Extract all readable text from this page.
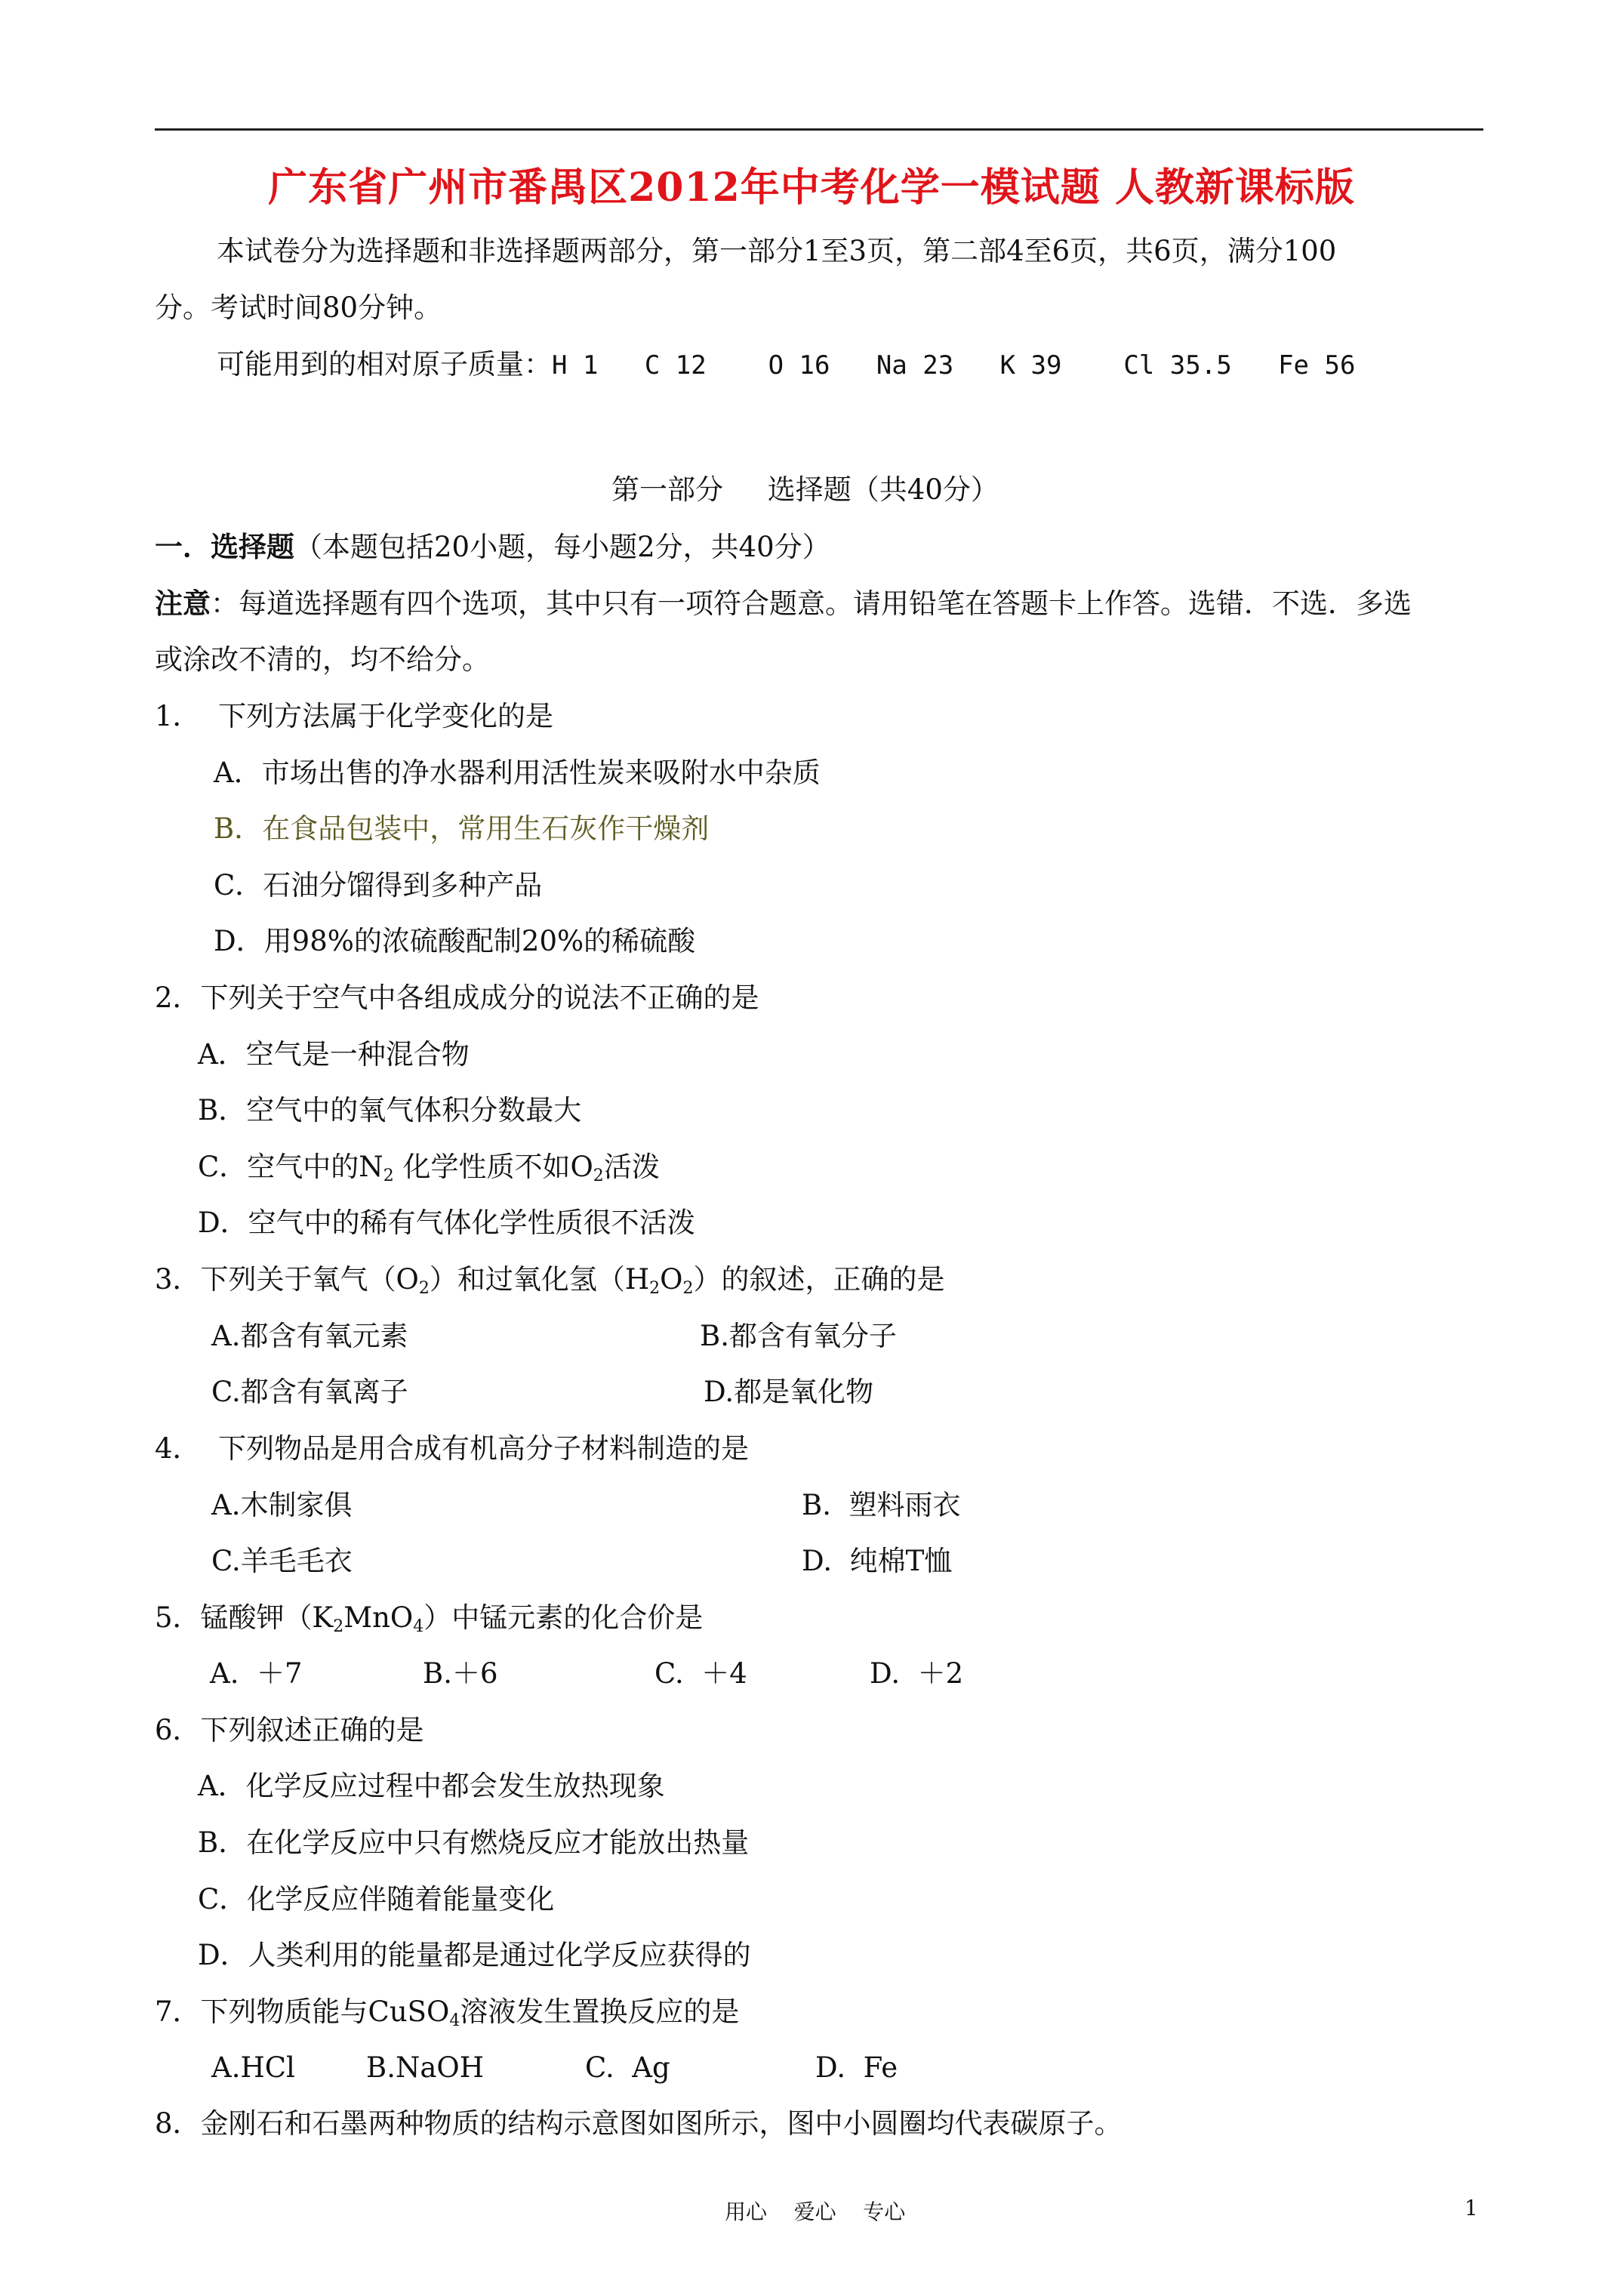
广东省广州市番禺区2012年中考化学一模试题 人教新课标版
本试卷分为选择题和非选择题两部分，第一部分1至3页，第二部4至6页，共6页，满分100
分。考试时间80分钟。
可能用到的相对原子质量：H 1   C 12    O 16   Na 23   K 39    Cl 35.5   Fe 56
第一部分     选择题（共40分）
一．选择题（本题包括20小题，每小题2分，共40分）
注意：每道选择题有四个选项，其中只有一项符合题意。请用铅笔在答题卡上作答。选错．不选．多选
或涂改不清的，均不给分。
1．  下列方法属于化学变化的是
A．市场出售的净水器利用活性炭来吸附水中杂质
B．在食品包装中，常用生石灰作干燥剂
C．石油分馏得到多种产品
D．用98%的浓硫酸配制20%的稀硫酸
2．下列关于空气中各组成成分的说法不正确的是
A．空气是一种混合物
B．空气中的氧气体积分数最大
C．空气中的$N_2$ 化学性质不如$O_2$活泼
D．空气中的稀有气体化学性质很不活泼
3．下列关于氧气$(O_2)$和过氧化氢$(H_2O_2)$的叙述，正确的是
A.都含有氧元素	B.都含有氧分子
C.都含有氧离子	D.都是氧化物
4．  下列物品是用合成有机高分子材料制造的是
A.木制家俱	B.  塑料雨衣
C.羊毛毛衣	D.  纯棉T恤
5．锰酸钾$(K_2MnO_4)$中锰元素的化合价是
A.  ＋7	B.＋6	C.  ＋4	D.  ＋2
6．下列叙述正确的是
A．化学反应过程中都会发生放热现象
B．在化学反应中只有燃烧反应才能放出热量
C．化学反应伴随着能量变化
D．人类利用的能量都是通过化学反应获得的
7．下列物质能与CuSO$_4$溶液发生置换反应的是
A.HCl	B.NaOH	C.  Ag	D.  Fe
8．金刚石和石墨两种物质的结构示意图如图所示，图中小圆圈均代表碳原子。
用心    爱心    专心	1
